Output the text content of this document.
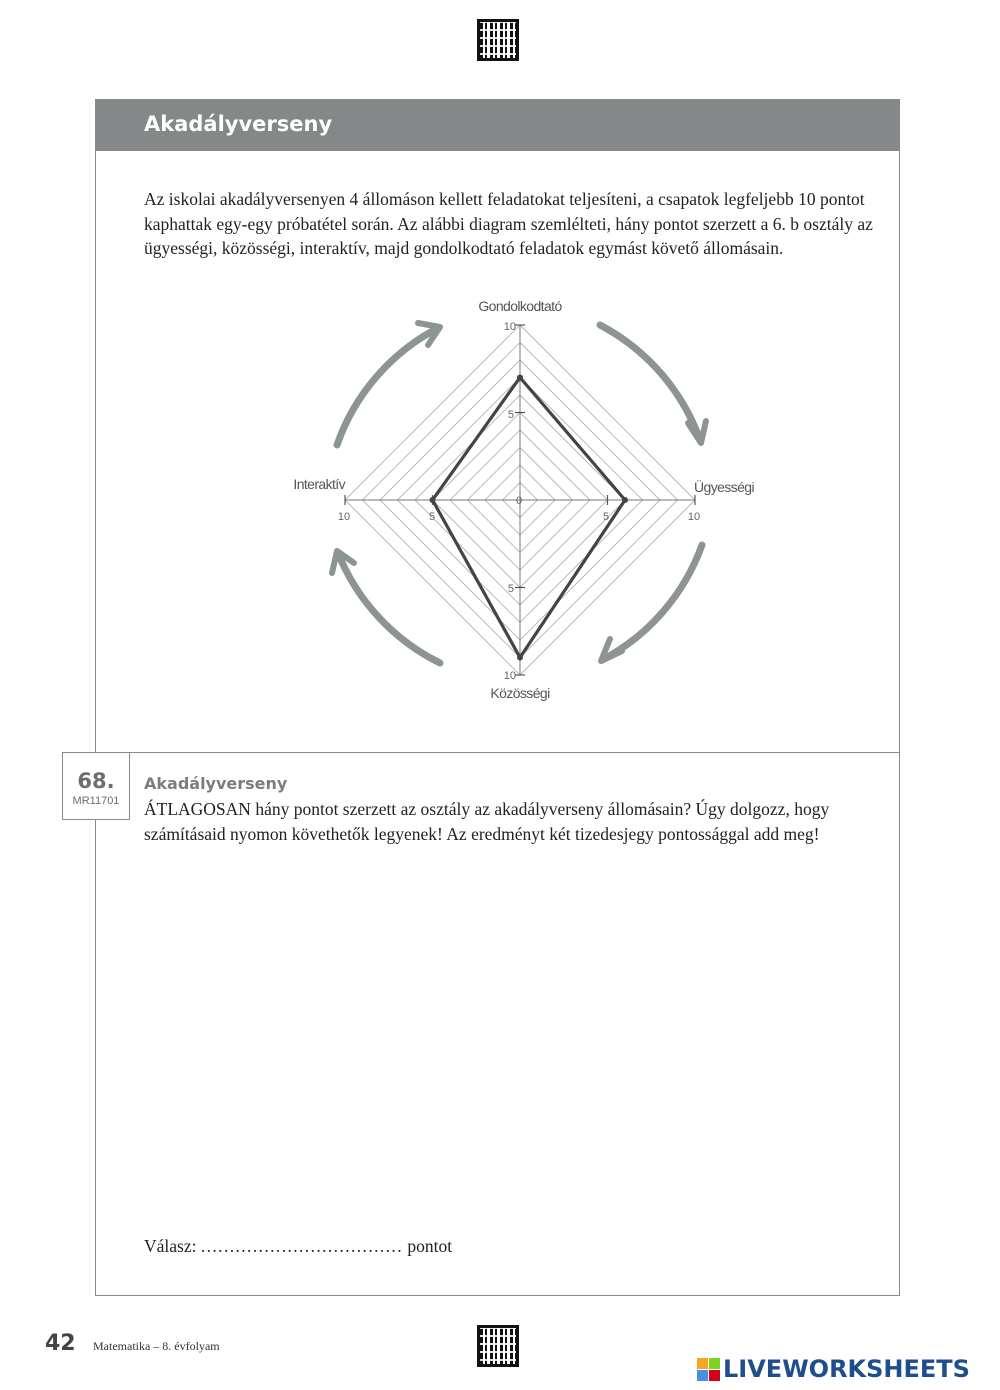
Akadályverseny

Az iskolai akadályversenyen 4 állomáson kellett feladatokat teljesíteni, a csapatok legfeljebb 10 pontot kaphattak egy-egy próbatétel során. Az alábbi diagram szemlélteti, hány pontot szerzett a 6. b osztály az ügyességi, közösségi, interaktív, majd gondolkodtató feladatok egymást követő állomásain.

Gondolkodtató
Ügyességi
Közösségi
Interaktív
0
5
10
5
10
5	10
5
10
68.
MR11701
Akadályverseny

ÁTLAGOSAN hány pontot szerzett az osztály az akadályverseny állomásain? Úgy dolgozz, hogy számításaid nyomon követhetők legyenek! Az eredményt két tizedesjegy pontossággal add meg!

Válasz: ................................... pontot
42 Matematika – 8. évfolyam
LIVEWORKSHEETS
